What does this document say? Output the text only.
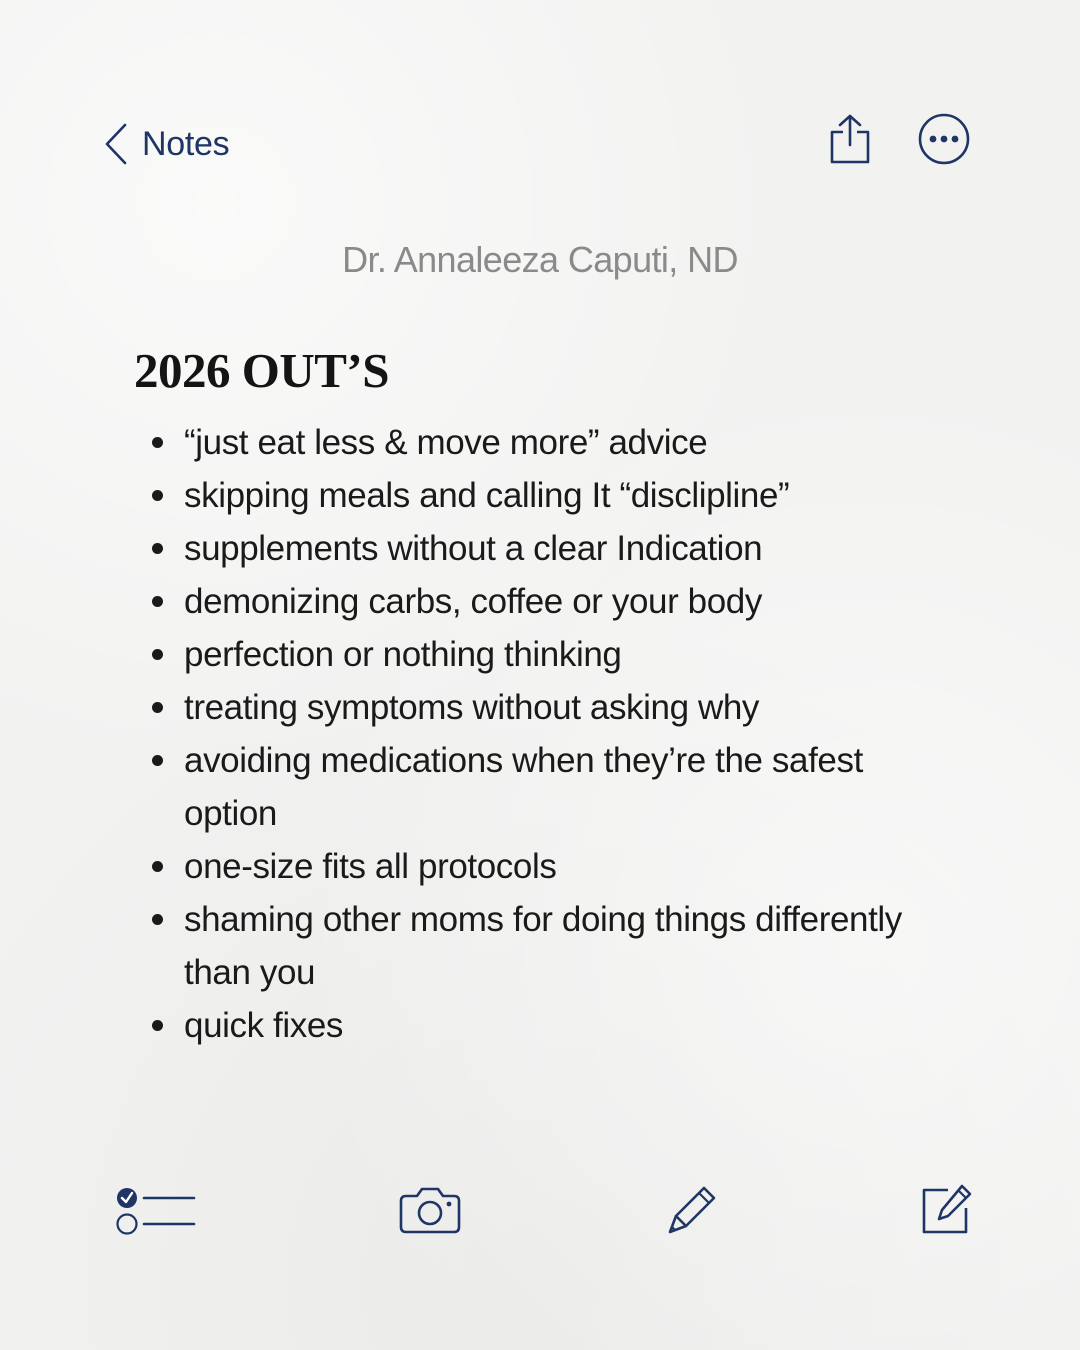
Notes
Dr. Annaleeza Caputi, ND
2026 OUT’S
“just eat less & move more” advice
skipping meals and calling It “disclipline”
supplements without a clear Indication
demonizing carbs, coffee or your body
perfection or nothing thinking
treating symptoms without asking why
avoiding medications when they’re the safest option
one-size fits all protocols
shaming other moms for doing things differently than you
quick fixes
